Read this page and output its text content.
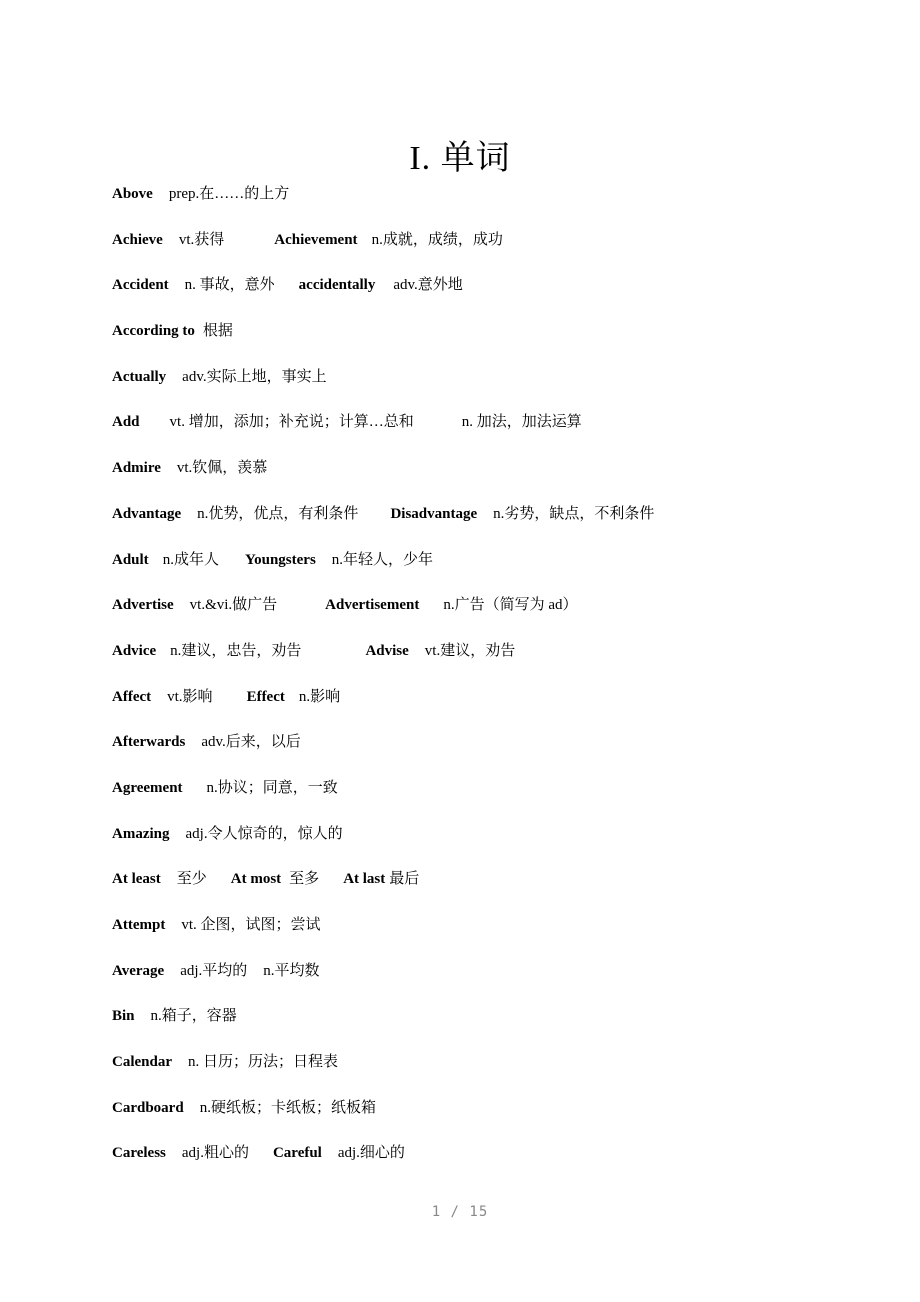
I. 单词
Above prep.在……的上方
Achieve vt.获得	Achievement n.成就，成绩，成功
Accident n. 事故，意外 accidentally adv.意外地
According to 根据
Actually adv.实际上地，事实上
Add vt. 增加，添加；补充说；计算…总和	n. 加法，加法运算
Admire vt.钦佩，羡慕
Advantage n.优势，优点，有利条件 Disadvantage n.劣势，缺点，不利条件
Adult n.成年人 Youngsters n.年轻人，少年
Advertise vt.&vi.做广告	Advertisement n.广告（简写为 ad）
Advice n.建议，忠告，劝告	Advise vt.建议，劝告
Affect vt.影响 Effect n.影响
Afterwards adv.后来，以后
Agreement n.协议；同意，一致
Amazing adj.令人惊奇的，惊人的
At least 至少 At most 至多 At last 最后
Attempt vt. 企图，试图；尝试
Average adj.平均的 n.平均数
Bin n.箱子，容器
Calendar n. 日历；历法；日程表
Cardboard n.硬纸板；卡纸板；纸板箱
Careless adj.粗心的 Careful adj.细心的
1 / 15
